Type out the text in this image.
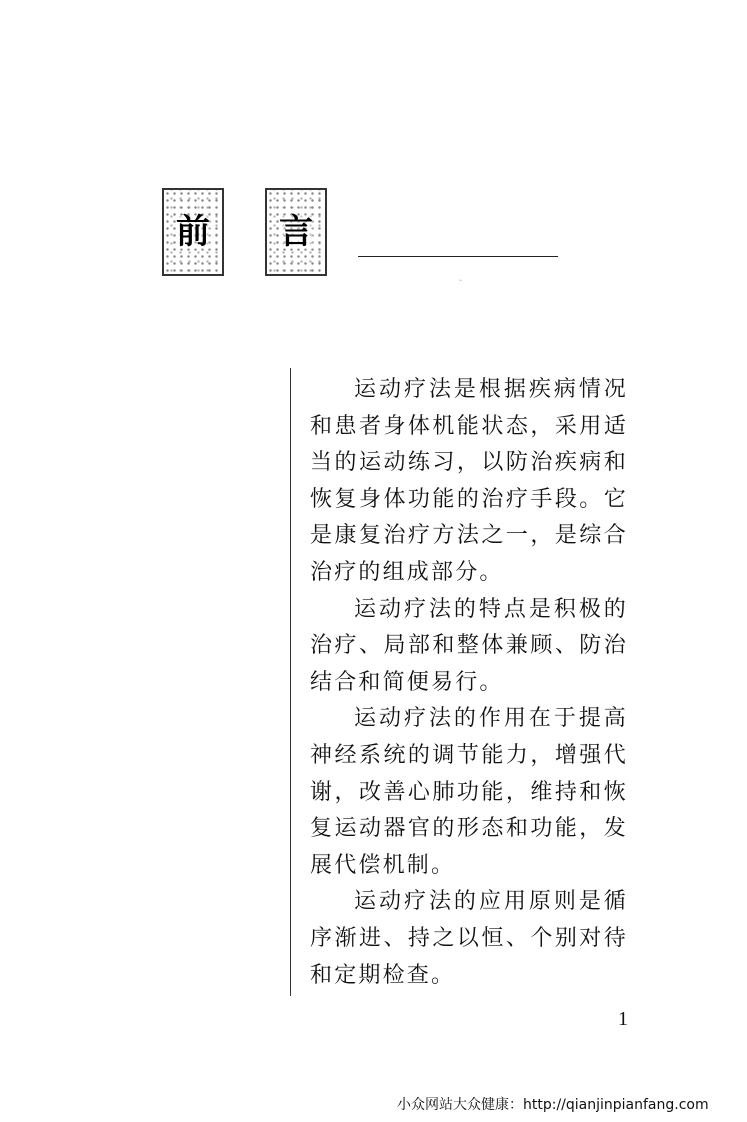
前 言
¨

运动疗法是根据疾病情况和患者身体机能状态，采用适当的运动练习，以防治疾病和恢复身体功能的治疗手段。它是康复治疗方法之一，是综合治疗的组成部分。

运动疗法的特点是积极的治疗、局部和整体兼顾、防治结合和简便易行。

运动疗法的作用在于提高神经系统的调节能力，增强代谢，改善心肺功能，维持和恢复运动器官的形态和功能，发展代偿机制。

运动疗法的应用原则是循序渐进、持之以恒、个别对待和定期检查。

1
小众网站大众健康：http://qianjinpianfang.com
